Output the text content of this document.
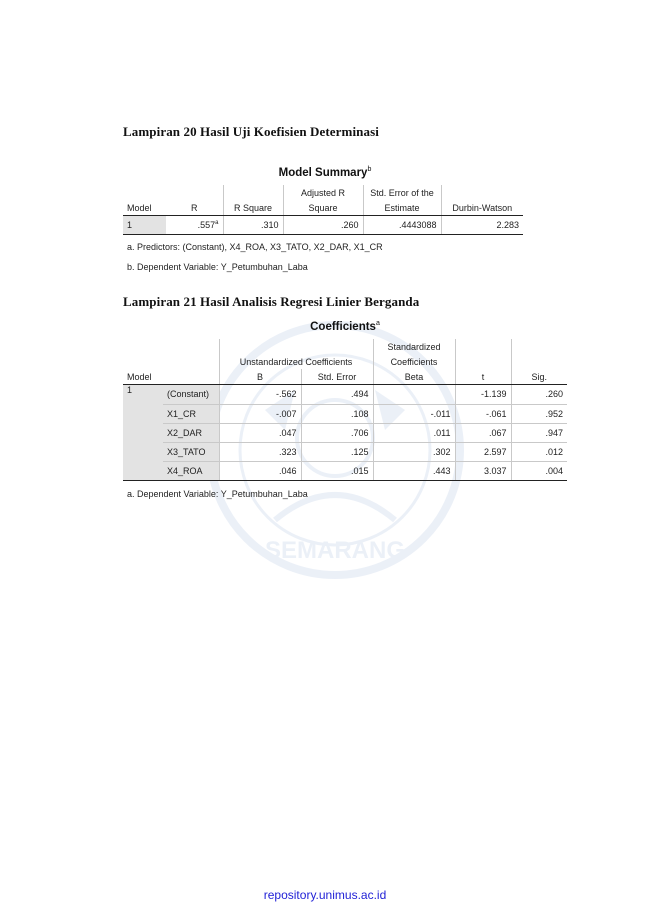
SEMARANG
Lampiran 20 Hasil Uji Koefisien Determinasi
Model Summary$^b$
			Adjusted R	Std. Error of the	
Model	R	R Square	Square	Estimate	Durbin-Watson
1	.557$^a$	.310	.260	.4443088	2.283
a. Predictors: (Constant), X4_ROA, X3_TATO, X2_DAR, X1_CR
b. Dependent Variable: Y_Petumbuhan_Laba
Lampiran 21 Hasil Analisis Regresi Linier Berganda
Coefficients$^a$
				Standardized		
		Unstandardized Coefficients		Coefficients		
Model		B	Std. Error	Beta	t	Sig.
1	(Constant)	-.562	.494		-1.139	.260
	X1_CR	-.007	.108	-.011	-.061	.952
	X2_DAR	.047	.706	.011	.067	.947
	X3_TATO	.323	.125	.302	2.597	.012
	X4_ROA	.046	.015	.443	3.037	.004
a. Dependent Variable: Y_Petumbuhan_Laba
repository.unimus.ac.id
